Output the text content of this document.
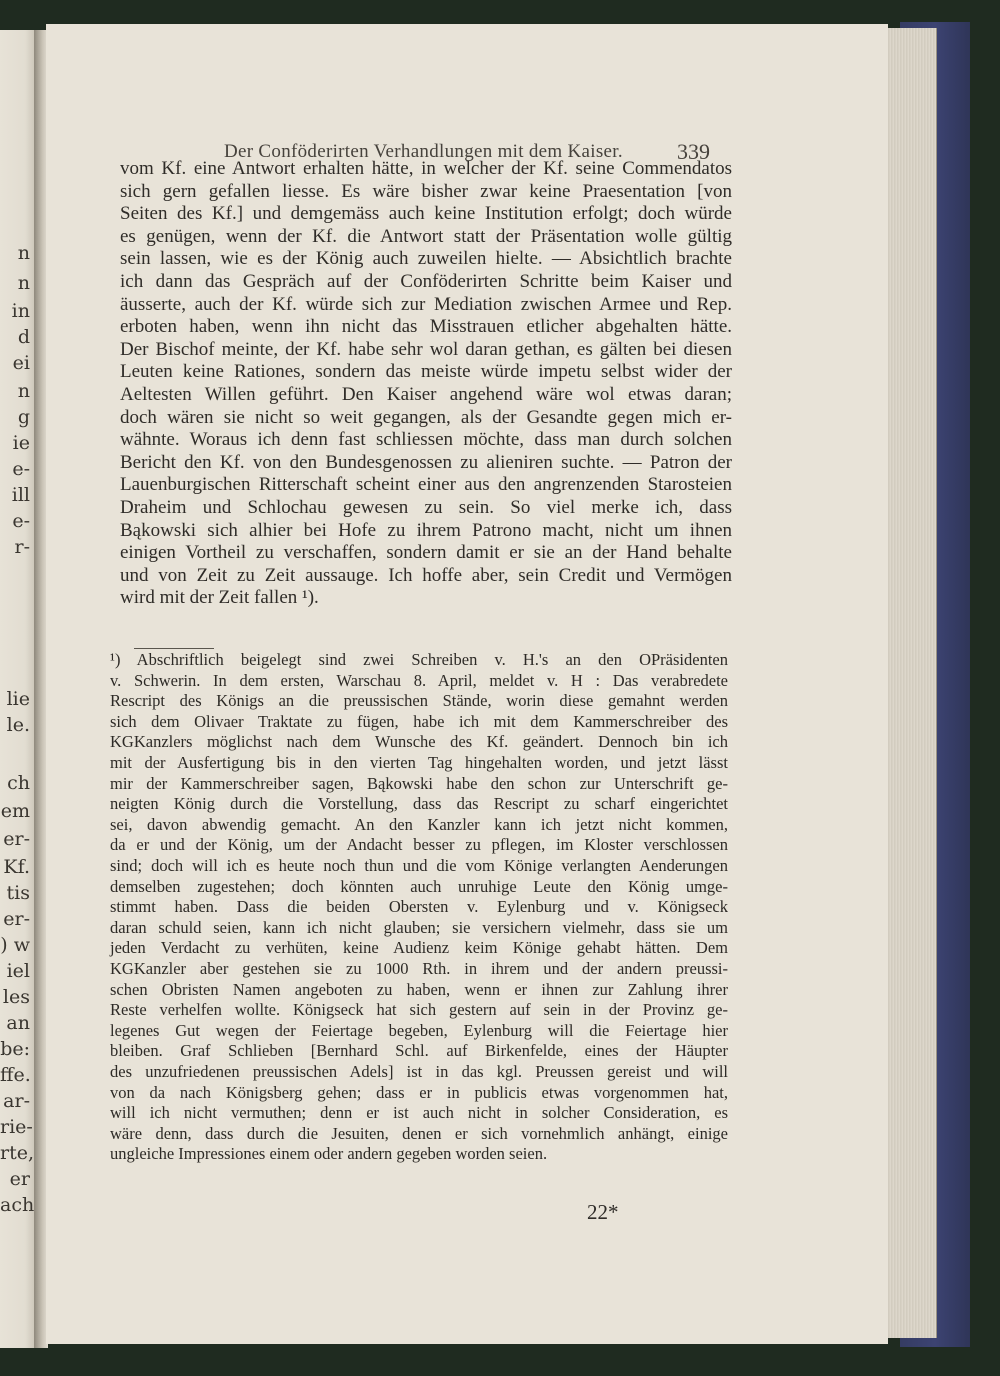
n
n
in
d
ei
n
g
ie
e-
ill
e-
r-
lie
le.
ch
em
er-
Kf.
tis
er-
) w
iel
les
an
be:
ffe.
ar-
rie-
rte,
er
ach
Der Conföderirten Verhandlungen mit dem Kaiser. 339
vom Kf. eine Antwort erhalten hätte, in welcher der Kf. seine Commendatos
sich gern gefallen liesse. Es wäre bisher zwar keine Praesentation [von
Seiten des Kf.] und demgemäss auch keine Institution erfolgt; doch würde
es genügen, wenn der Kf. die Antwort statt der Präsentation wolle gültig
sein lassen, wie es der König auch zuweilen hielte. — Absichtlich brachte
ich dann das Gespräch auf der Conföderirten Schritte beim Kaiser und
äusserte, auch der Kf. würde sich zur Mediation zwischen Armee und Rep.
erboten haben, wenn ihn nicht das Misstrauen etlicher abgehalten hätte.
Der Bischof meinte, der Kf. habe sehr wol daran gethan, es gälten bei diesen
Leuten keine Rationes, sondern das meiste würde impetu selbst wider der
Aeltesten Willen geführt. Den Kaiser angehend wäre wol etwas daran;
doch wären sie nicht so weit gegangen, als der Gesandte gegen mich er-
wähnte. Woraus ich denn fast schliessen möchte, dass man durch solchen
Bericht den Kf. von den Bundesgenossen zu alieniren suchte. — Patron der
Lauenburgischen Ritterschaft scheint einer aus den angrenzenden Starosteien
Draheim und Schlochau gewesen zu sein. So viel merke ich, dass
Bąkowski sich alhier bei Hofe zu ihrem Patrono macht, nicht um ihnen
einigen Vortheil zu verschaffen, sondern damit er sie an der Hand behalte
und von Zeit zu Zeit aussauge. Ich hoffe aber, sein Credit und Vermögen
wird mit der Zeit fallen ¹).
¹) Abschriftlich beigelegt sind zwei Schreiben v. H.'s an den OPräsidenten
v. Schwerin. In dem ersten, Warschau 8. April, meldet v. H : Das verabredete
Rescript des Königs an die preussischen Stände, worin diese gemahnt werden
sich dem Olivaer Traktate zu fügen, habe ich mit dem Kammerschreiber des
KGKanzlers möglichst nach dem Wunsche des Kf. geändert. Dennoch bin ich
mit der Ausfertigung bis in den vierten Tag hingehalten worden, und jetzt lässt
mir der Kammerschreiber sagen, Bąkowski habe den schon zur Unterschrift ge-
neigten König durch die Vorstellung, dass das Rescript zu scharf eingerichtet
sei, davon abwendig gemacht. An den Kanzler kann ich jetzt nicht kommen,
da er und der König, um der Andacht besser zu pflegen, im Kloster verschlossen
sind; doch will ich es heute noch thun und die vom Könige verlangten Aenderungen
demselben zugestehen; doch könnten auch unruhige Leute den König umge-
stimmt haben. Dass die beiden Obersten v. Eylenburg und v. Königseck
daran schuld seien, kann ich nicht glauben; sie versichern vielmehr, dass sie um
jeden Verdacht zu verhüten, keine Audienz keim Könige gehabt hätten. Dem
KGKanzler aber gestehen sie zu 1000 Rth. in ihrem und der andern preussi-
schen Obristen Namen angeboten zu haben, wenn er ihnen zur Zahlung ihrer
Reste verhelfen wollte. Königseck hat sich gestern auf sein in der Provinz ge-
legenes Gut wegen der Feiertage begeben, Eylenburg will die Feiertage hier
bleiben. Graf Schlieben [Bernhard Schl. auf Birkenfelde, eines der Häupter
des unzufriedenen preussischen Adels] ist in das kgl. Preussen gereist und will
von da nach Königsberg gehen; dass er in publicis etwas vorgenommen hat,
will ich nicht vermuthen; denn er ist auch nicht in solcher Consideration, es
wäre denn, dass durch die Jesuiten, denen er sich vornehmlich anhängt, einige
ungleiche Impressiones einem oder andern gegeben worden seien.
22*
